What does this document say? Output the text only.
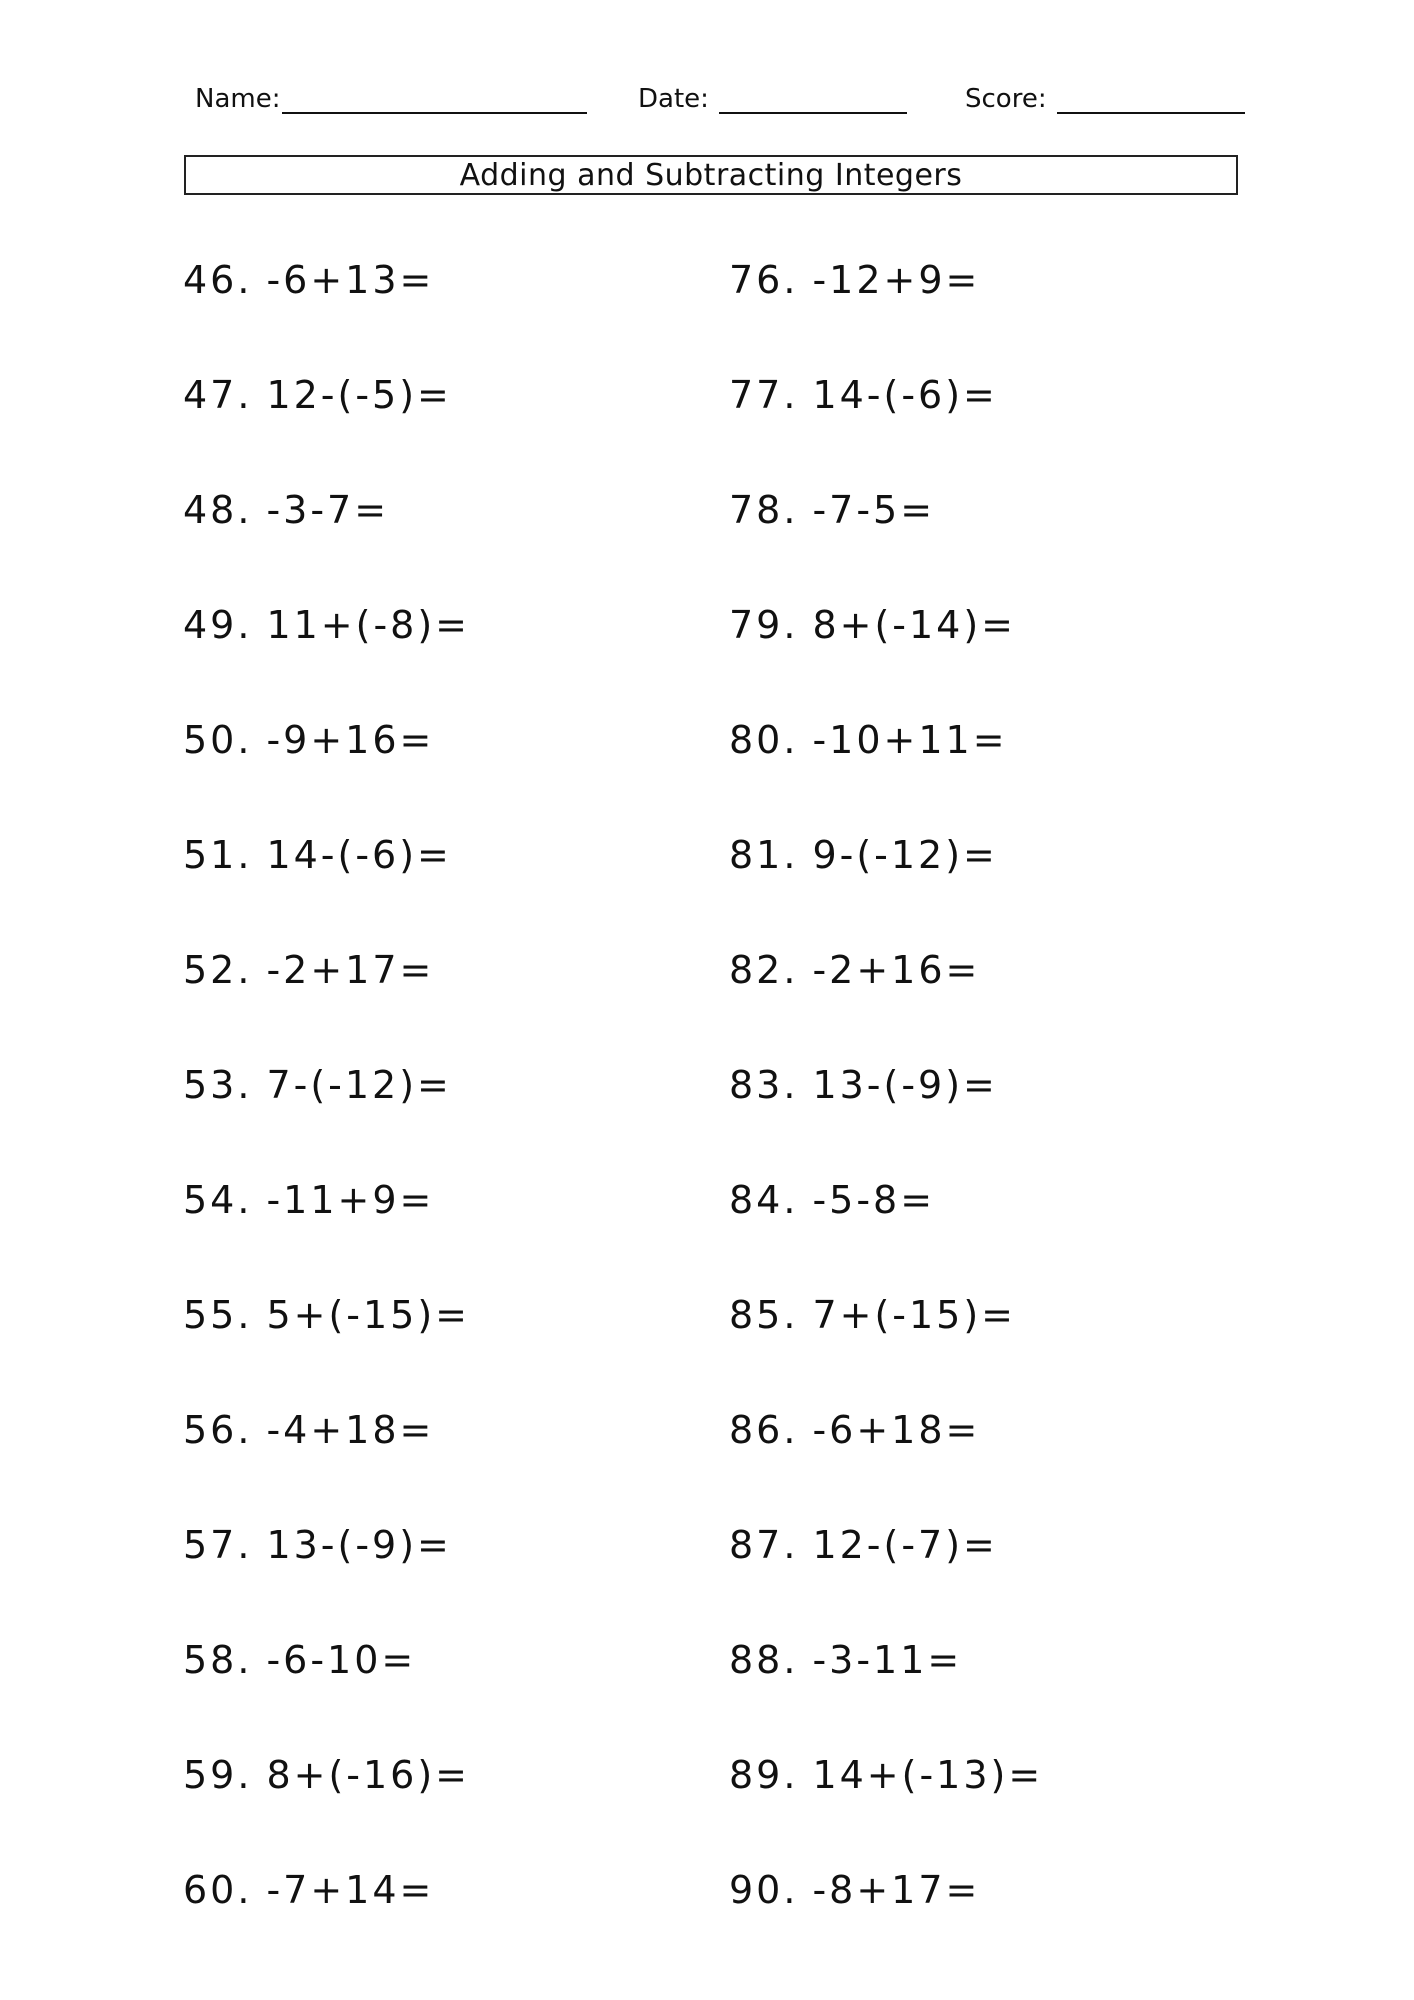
Name:	Date:	Score:
Adding and Subtracting Integers
46. -6+13=
47. 12-(-5)=
48. -3-7=
49. 11+(-8)=
50. -9+16=
51. 14-(-6)=
52. -2+17=
53. 7-(-12)=
54. -11+9=
55. 5+(-15)=
56. -4+18=
57. 13-(-9)=
58. -6-10=
59. 8+(-16)=
60. -7+14=
76. -12+9=
77. 14-(-6)=
78. -7-5=
79. 8+(-14)=
80. -10+11=
81. 9-(-12)=
82. -2+16=
83. 13-(-9)=
84. -5-8=
85. 7+(-15)=
86. -6+18=
87. 12-(-7)=
88. -3-11=
89. 14+(-13)=
90. -8+17=
